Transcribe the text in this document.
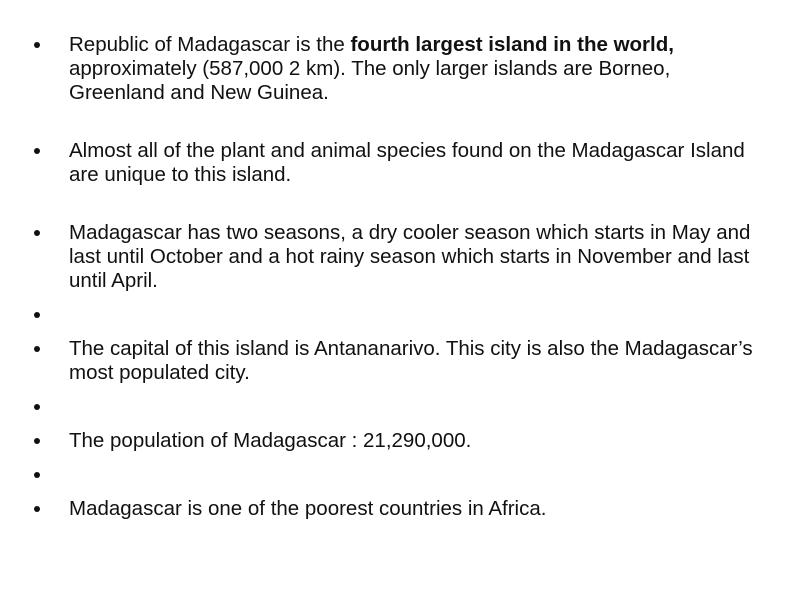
Republic of Madagascar is the fourth largest island in the world, approximately (587,000 2 km). The only larger islands are Borneo, Greenland and New Guinea.
Almost all of the plant and animal species found on the Madagascar Island are unique to this island.
Madagascar has two seasons, a dry cooler season which starts in May and last until October and a hot rainy season which starts in November and last until April.
The capital of this island is Antananarivo. This city is also the Madagascar’s most populated city.
The population of Madagascar : 21,290,000.
Madagascar is one of the poorest countries in Africa.
